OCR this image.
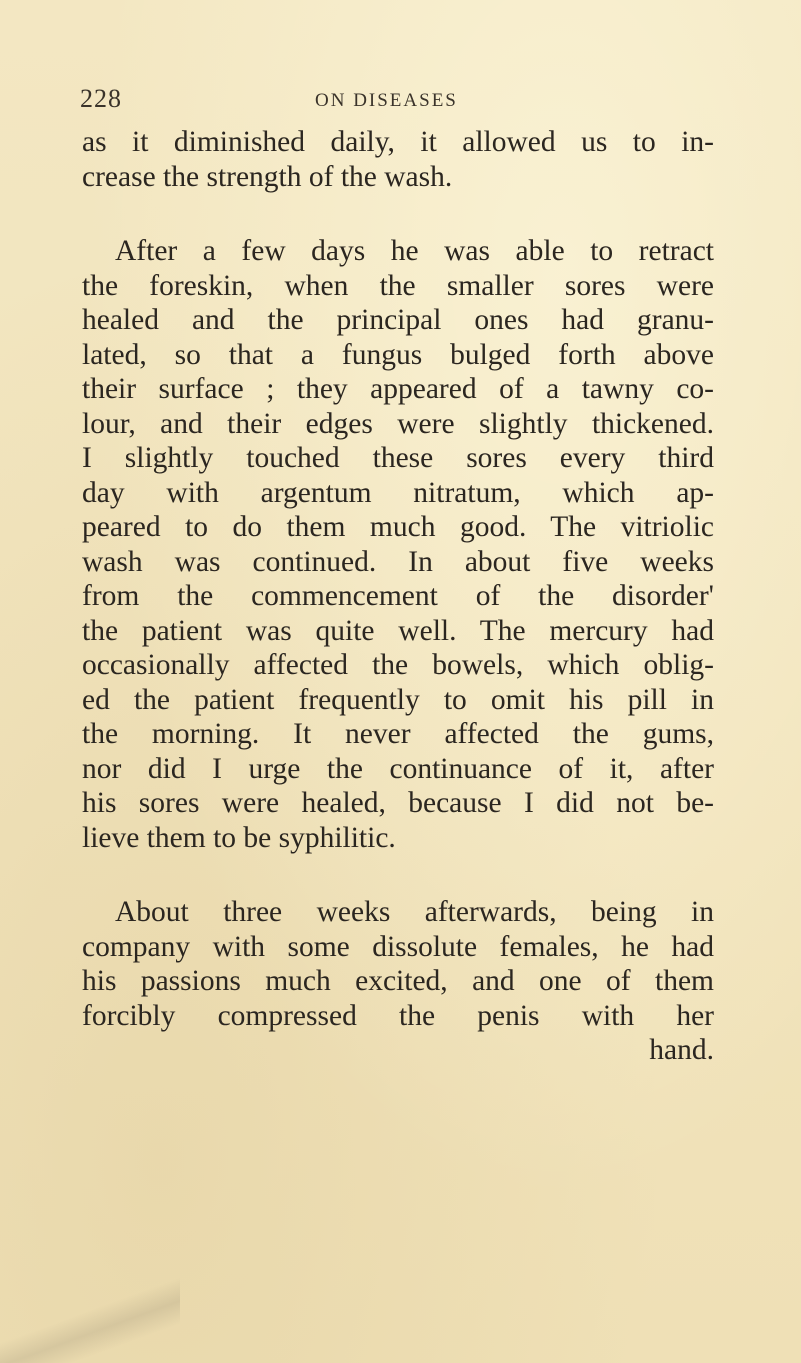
228	ON DISEASES
as it diminished daily, it allowed us to in-
crease the strength of the wash.
After a few days he was able to retract
the foreskin, when the smaller sores were
healed and the principal ones had granu-
lated, so that a fungus bulged forth above
their surface ; they appeared of a tawny co-
lour, and their edges were slightly thickened.
I slightly touched these sores every third
day with argentum nitratum, which ap-
peared to do them much good. The vitriolic
wash was continued. In about five weeks
from the commencement of the disorder'
the patient was quite well. The mercury had
occasionally affected the bowels, which oblig-
ed the patient frequently to omit his pill in
the morning. It never affected the gums,
nor did I urge the continuance of it, after
his sores were healed, because I did not be-
lieve them to be syphilitic.
About three weeks afterwards, being in
company with some dissolute females, he had
his passions much excited, and one of them
forcibly compressed the penis with her
hand.
